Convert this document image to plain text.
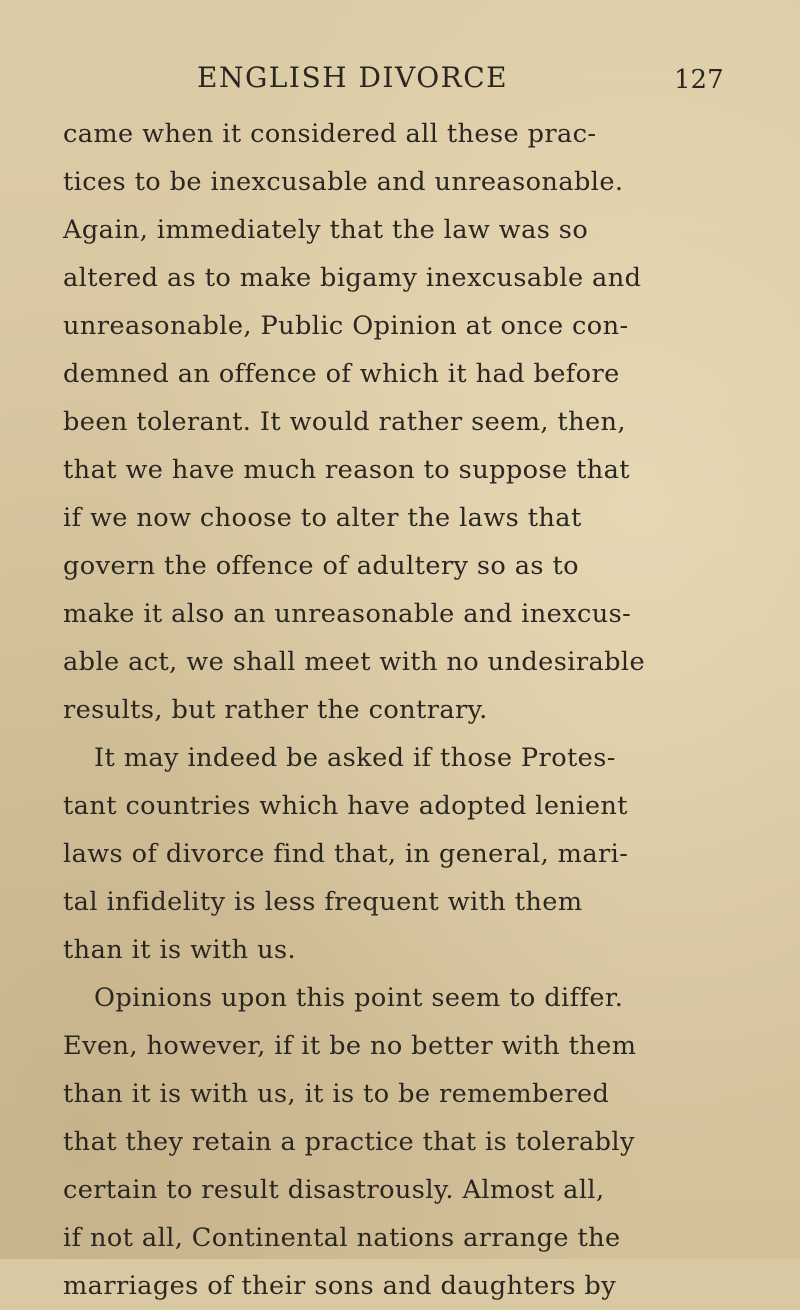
ENGLISH DIVORCE	127
came when it considered all these prac-
tices to be inexcusable and unreasonable.
Again, immediately that the law was so
altered as to make bigamy inexcusable and
unreasonable, Public Opinion at once con-
demned an offence of which it had before
been tolerant. It would rather seem, then,
that we have much reason to suppose that
if we now choose to alter the laws that
govern the offence of adultery so as to
make it also an unreasonable and inexcus-
able act, we shall meet with no undesirable
results, but rather the contrary.
It may indeed be asked if those Protes-
tant countries which have adopted lenient
laws of divorce find that, in general, mari-
tal infidelity is less frequent with them
than it is with us.
Opinions upon this point seem to differ.
Even, however, if it be no better with them
than it is with us, it is to be remembered
that they retain a practice that is tolerably
certain to result disastrously. Almost all,
if not all, Continental nations arrange the
marriages of their sons and daughters by
